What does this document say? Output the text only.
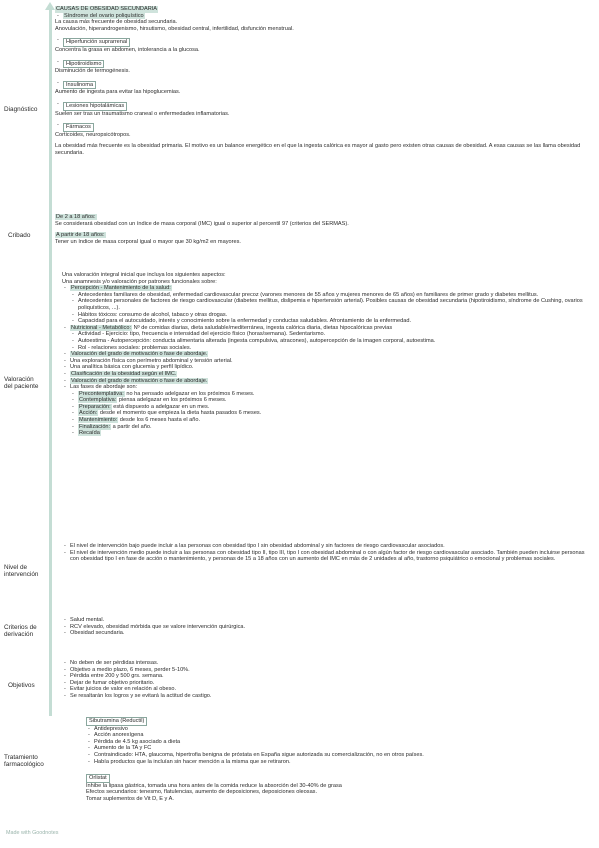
Diagnóstico
Cribado
Valoración
del paciente
Nivel de
intervención
Criterios de
derivación
Objetivos
Tratamiento
farmacológico
CAUSAS DE OBESIDAD SECUNDARIA
- Síndrome del ovario poliquístico
La causa más frecuente de obesidad secundaria.
Anovulación, hiperandrogenismo, hirsutismo, obesidad central, infertilidad, disfunción menstrual.
- Hiperfunción suprarrenal
Concentra la grasa en abdomen, intolerancia a la glucosa.
- Hipotiroidismo
Disminución de termogénesis.
- Insulinoma
Aumento de ingesta para evitar las hipoglucemias.
- Lesiones hipotalámicas
Suelen ser tras un traumatismo craneal o enfermedades inflamatorias.
- Fármacos
Corticoides, neuropsicótropos.
La obesidad más frecuente es la obesidad primaria. El motivo es un balance energético en el que la ingesta calórica es mayor al gasto pero existen otras causas de obesidad. A esas causas se las llama obesidad secundaria.
De 2 a 18 años:
Se considerará obesidad con un índice de masa corporal (IMC) igual o superior al percentil 97 (criterios del SERMAS).
A partir de 18 años:
Tener un índice de masa corporal igual o mayor que 30 kg/m2 en mayores.
Una valoración integral inicial que incluya los siguientes aspectos:
Una anamnesis y/o valoración por patrones funcionales sobre:
- Percepción - Mantenimiento de la salud:
- Antecedentes familiares de obesidad, enfermedad cardiovascular precoz (varones menores de 55 años y mujeres menores de 65 años) en familiares de primer grado y diabetes mellitus.
- Antecedentes personales de factores de riesgo cardiovascular (diabetes mellitus, dislipemia e hipertensión arterial). Posibles causas de obesidad secundaria (hipotiroidismo, síndrome de Cushing, ovarios poliquísticos, ...).
- Hábitos tóxicos: consumo de alcohol, tabaco y otras drogas.
- Capacidad para el autocuidado, interés y conocimiento sobre la enfermedad y conductas saludables. Afrontamiento de la enfermedad.
- Nutricional - Metabólico: Nº de comidas diarias, dieta saludable/mediterránea, ingesta calórica diaria, dietas hipocalóricas previas
- Actividad - Ejercicio: tipo, frecuencia e intensidad del ejercicio físico (horas/semana). Sedentarismo.
- Autoestima - Autopercepción: conducta alimentaria alterada (ingesta compulsiva, atracones), autopercepción de la imagen corporal, autoestima.
- Rol - relaciones sociales: problemas sociales.
- Valoración del grado de motivación o fase de abordaje.
- Una exploración física con perímetro abdominal y tensión arterial.
- Una analítica básica con glucemia y perfil lipídico.
- Clasificación de la obesidad según el IMC.
- Valoración del grado de motivación o fase de abordaje.
- Las fases de abordaje son:
- Precontemplativa: no ha pensado adelgazar en los próximos 6 meses.
- Contemplativa: piensa adelgazar en los próximos 6 meses.
- Preparación: está dispuesto a adelgazar en un mes.
- Acción: desde el momento que empieza la dieta hasta pasados 6 meses.
- Mantenimiento: desde los 6 meses hasta el año.
- Finalización: a partir del año.
- Recaída
- El nivel de intervención bajo puede incluir a las personas con obesidad tipo I sin obesidad abdominal y sin factores de riesgo cardiovascular asociados.
- El nivel de intervención medio puede incluir a las personas con obesidad tipo II, tipo III, tipo I con obesidad abdominal o con algún factor de riesgo cardiovascular asociado. También pueden incluirse personas con obesidad tipo I en fase de acción o mantenimiento, y personas de 15 a 18 años con un aumento del IMC en más de 2 unidades al año, trastorno psiquiátrico o emocional y problemas sociales.
- Salud mental.
- RCV elevado, obesidad mórbida que se valore intervención quirúrgica.
- Obesidad secundaria.
- No deben de ser pérdidas intensas.
- Objetivo a medio plazo, 6 meses, perder 5-10%.
- Pérdida entre 200 y 500 grs. semana.
- Dejar de fumar objetivo prioritario.
- Evitar juicios de valor en relación al obeso.
- Se resaltarán los logros y se evitará la actitud de castigo.
Sibutramina (Reductil)
- Antidepresivo
- Acción anorexígena
- Pérdida de 4.5 kg asociado a dieta
- Aumento de la TA y FC
- Contraindicado: HTA, glaucoma, hipertrofia benigna de próstata en España sigue autorizada su comercialización, no en otros países.
- Había productos que la incluían sin hacer mención a la misma que se retiraron.
Orlistat
Inhibe la lipasa gástrica, tomada una hora antes de la comida reduce la absorción del 30-40% de grasa
Efectos secundarios: tenesmo, flatulencias, aumento de deposiciones, deposiciones oleosas.
Tomar suplementos de Vit D, E y A.
Made with Goodnotes
